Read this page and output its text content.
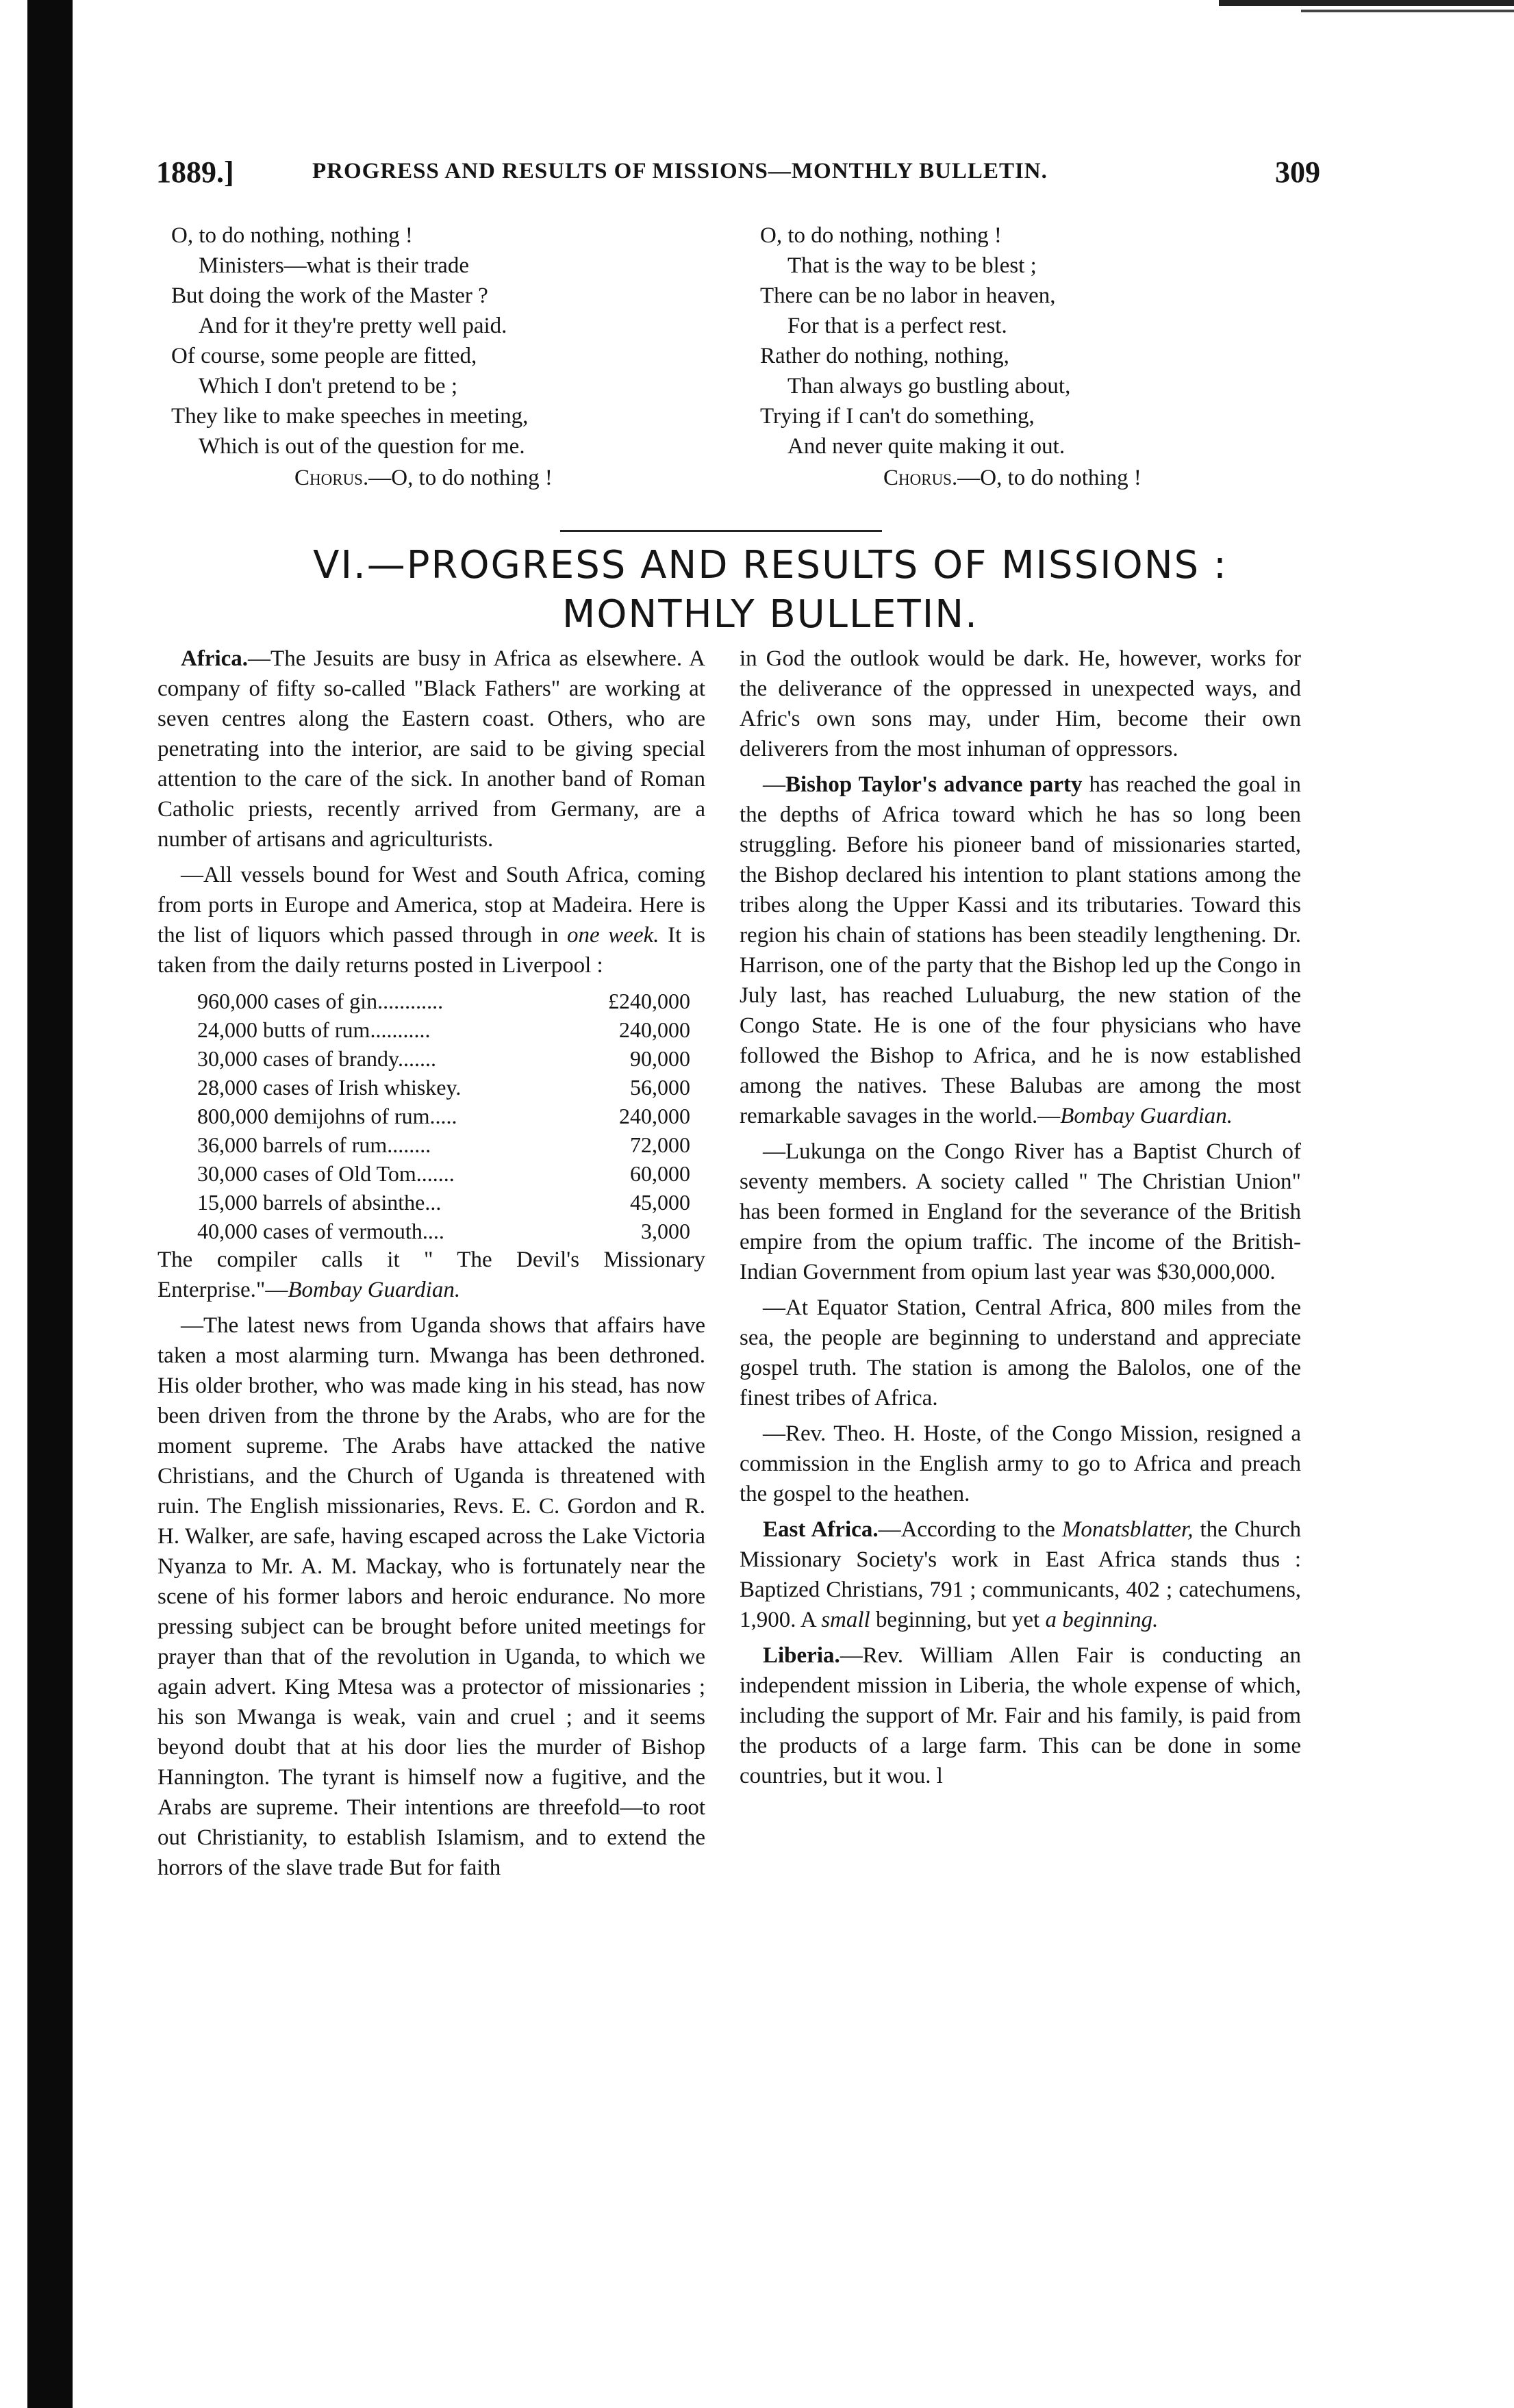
1889.]	PROGRESS AND RESULTS OF MISSIONS—MONTHLY BULLETIN.	309
O, to do nothing, nothing !
Ministers—what is their trade
But doing the work of the Master ?
And for it they're pretty well paid.
Of course, some people are fitted,
Which I don't pretend to be ;
They like to make speeches in meeting,
Which is out of the question for me.
Chorus.—O, to do nothing !
O, to do nothing, nothing !
That is the way to be blest ;
There can be no labor in heaven,
For that is a perfect rest.
Rather do nothing, nothing,
Than always go bustling about,
Trying if I can't do something,
And never quite making it out.
Chorus.—O, to do nothing !
VI.—PROGRESS AND RESULTS OF MISSIONS :
MONTHLY BULLETIN.

Africa.—The Jesuits are busy in Africa as elsewhere. A company of fifty so-called "Black Fathers" are working at seven centres along the Eastern coast. Others, who are penetrating into the interior, are said to be giving special attention to the care of the sick. In another band of Roman Catholic priests, recently arrived from Germany, are a number of artisans and agriculturists.

—All vessels bound for West and South Africa, coming from ports in Europe and America, stop at Madeira. Here is the list of liquors which passed through in one week. It is taken from the daily returns posted in Liverpool :

960,000 cases of gin............	£240,000
24,000 butts of rum...........	240,000
30,000 cases of brandy.......	90,000
28,000 cases of Irish whiskey.	56,000
800,000 demijohns of rum.....	240,000
36,000 barrels of rum........	72,000
30,000 cases of Old Tom.......	60,000
15,000 barrels of absinthe...	45,000
40,000 cases of vermouth....	3,000

The compiler calls it " The Devil's Missionary Enterprise."—Bombay Guardian.

—The latest news from Uganda shows that affairs have taken a most alarming turn. Mwanga has been dethroned. His older brother, who was made king in his stead, has now been driven from the throne by the Arabs, who are for the moment supreme. The Arabs have attacked the native Christians, and the Church of Uganda is threatened with ruin. The English missionaries, Revs. E. C. Gordon and R. H. Walker, are safe, having escaped across the Lake Victoria Nyanza to Mr. A. M. Mackay, who is fortunately near the scene of his former labors and heroic endurance. No more pressing subject can be brought before united meetings for prayer than that of the revolution in Uganda, to which we again advert. King Mtesa was a protector of missionaries ; his son Mwanga is weak, vain and cruel ; and it seems beyond doubt that at his door lies the murder of Bishop Hannington. The tyrant is himself now a fugitive, and the Arabs are supreme. Their intentions are threefold—to root out Christianity, to establish Islamism, and to extend the horrors of the slave trade But for faith

in God the outlook would be dark. He, however, works for the deliverance of the oppressed in unexpected ways, and Afric's own sons may, under Him, become their own deliverers from the most inhuman of oppressors.

—Bishop Taylor's advance party has reached the goal in the depths of Africa toward which he has so long been struggling. Before his pioneer band of missionaries started, the Bishop declared his intention to plant stations among the tribes along the Upper Kassi and its tributaries. Toward this region his chain of stations has been steadily lengthening. Dr. Harrison, one of the party that the Bishop led up the Congo in July last, has reached Luluaburg, the new station of the Congo State. He is one of the four physicians who have followed the Bishop to Africa, and he is now established among the natives. These Balubas are among the most remarkable savages in the world.—Bombay Guardian.

—Lukunga on the Congo River has a Baptist Church of seventy members. A society called " The Christian Union" has been formed in England for the severance of the British empire from the opium traffic. The income of the British-Indian Government from opium last year was $30,000,000.

—At Equator Station, Central Africa, 800 miles from the sea, the people are beginning to understand and appreciate gospel truth. The station is among the Balolos, one of the finest tribes of Africa.

—Rev. Theo. H. Hoste, of the Congo Mission, resigned a commission in the English army to go to Africa and preach the gospel to the heathen.

East Africa.—According to the Monatsblatter, the Church Missionary Society's work in East Africa stands thus : Baptized Christians, 791 ; communicants, 402 ; catechumens, 1,900. A small beginning, but yet a beginning.

Liberia.—Rev. William Allen Fair is conducting an independent mission in Liberia, the whole expense of which, including the support of Mr. Fair and his family, is paid from the products of a large farm. This can be done in some countries, but it wou. l
